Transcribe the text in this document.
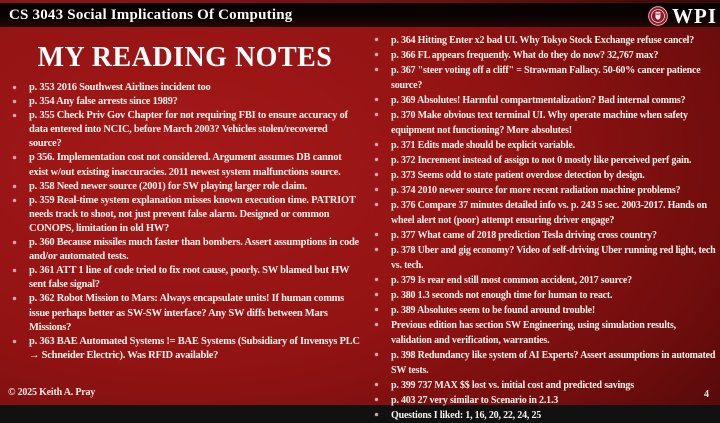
CS 3043 Social Implications Of Computing	WPI
MY READING NOTES
p. 353 2016 Southwest Airlines incident too
p. 354 Any false arrests since 1989?
p. 355 Check Priv Gov Chapter for not requiring FBI to ensure accuracy of data entered into NCIC, before March 2003? Vehicles stolen/recovered source?
p 356. Implementation cost not considered. Argument assumes DB cannot exist w/out existing inaccuracies. 2011 newest system malfunctions source.
p. 358 Need newer source (2001) for SW playing larger role claim.
p. 359 Real-time system explanation misses known execution time. PATRIOT needs track to shoot, not just prevent false alarm. Designed or common CONOPS, limitation in old HW?
p. 360 Because missiles much faster than bombers. Assert assumptions in code and/or automated tests.
p. 361 ATT 1 line of code tried to fix root cause, poorly. SW blamed but HW sent false signal?
p. 362 Robot Mission to Mars: Always encapsulate units! If human comms issue perhaps better as SW-SW interface? Any SW diffs between Mars Missions?
p. 363 BAE Automated Systems != BAE Systems (Subsidiary of Invensys PLC → Schneider Electric). Was RFID available?
p. 364 Hitting Enter x2 bad UI. Why Tokyo Stock Exchange refuse cancel?
p. 366 FL appears frequently. What do they do now? 32,767 max?
p. 367 "steer voting off a cliff" = Strawman Fallacy. 50-60% cancer patience source?
p. 369 Absolutes! Harmful compartmentalization? Bad internal comms?
p. 370 Make obvious text terminal UI. Why operate machine when safety equipment not functioning? More absolutes!
p. 371 Edits made should be explicit variable.
p. 372 Increment instead of assign to not 0 mostly like perceived perf gain.
p. 373 Seems odd to state patient overdose detection by design.
p. 374 2010 newer source for more recent radiation machine problems?
p. 376 Compare 37 minutes detailed info vs. p. 243 5 sec. 2003-2017. Hands on wheel alert not (poor) attempt ensuring driver engage?
p. 377 What came of 2018 prediction Tesla driving cross country?
p. 378 Uber and gig economy? Video of self-driving Uber running red light, tech vs. tech.
p. 379 Is rear end still most common accident, 2017 source?
p. 380 1.3 seconds not enough time for human to react.
p. 389 Absolutes seem to be found around trouble!
Previous edition has section SW Engineering, using simulation results, validation and verification, warranties.
p. 398 Redundancy like system of AI Experts? Assert assumptions in automated SW tests.
p. 399 737 MAX $$ lost vs. initial cost and predicted savings
p. 403 27 very similar to Scenario in 2.1.3
Questions I liked: 1, 16, 20, 22, 24, 25
© 2025 Keith A. Pray	4
